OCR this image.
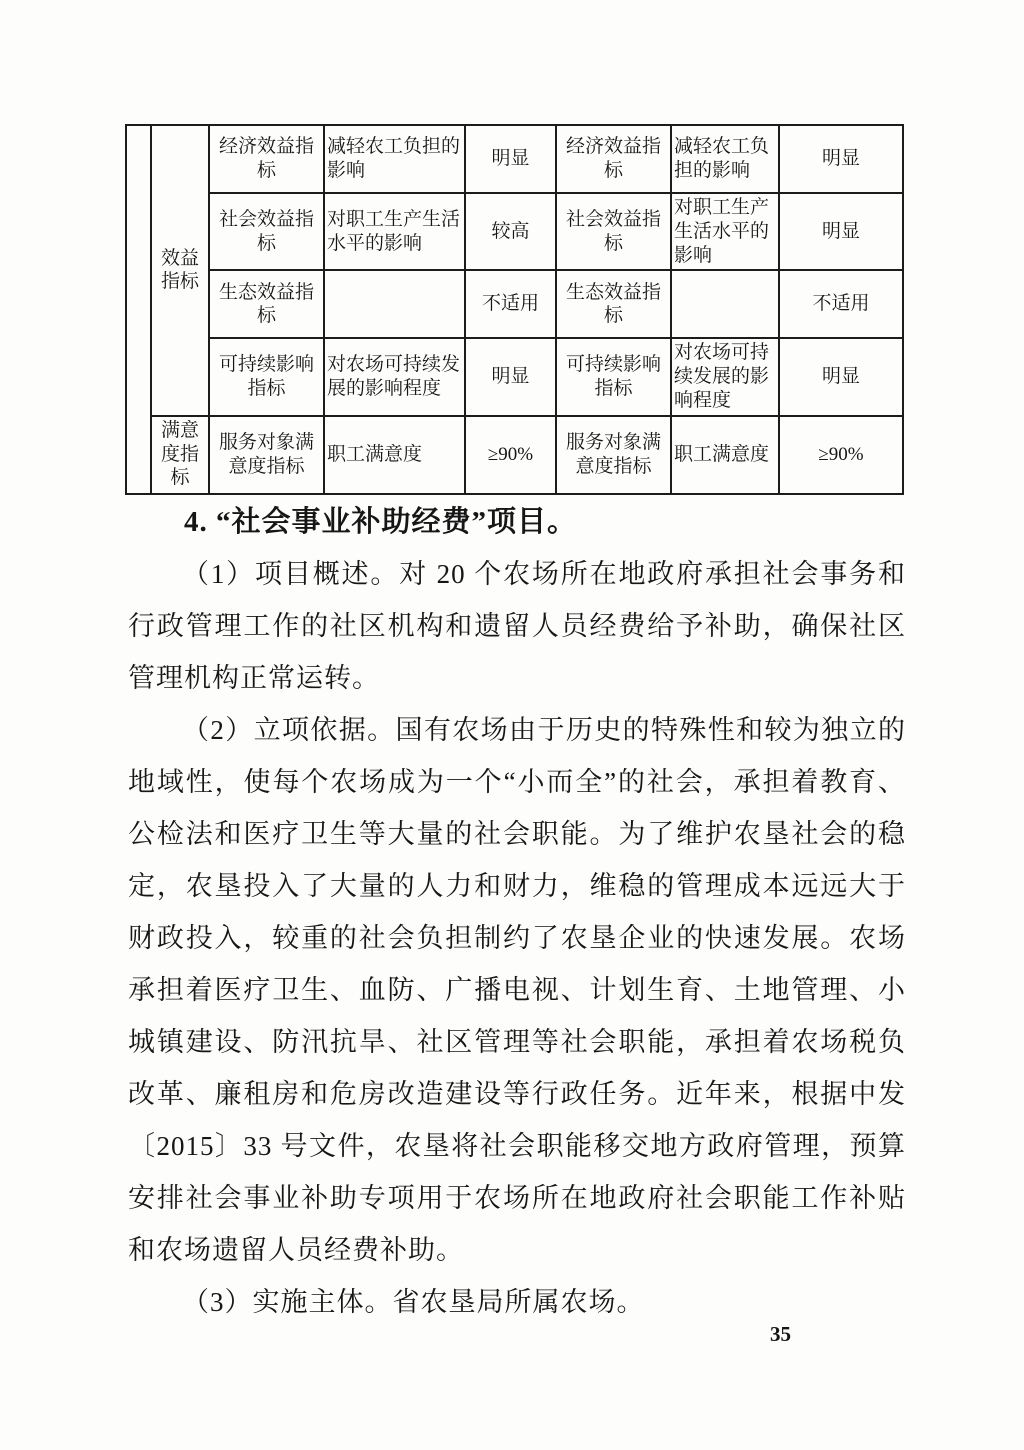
	效益指标	经济效益指标	减轻农工负担的影响	明显	经济效益指标	减轻农工负担的影响	明显
		社会效益指标	对职工生产生活水平的影响	较高	社会效益指标	对职工生产生活水平的影响	明显
		生态效益指标		不适用	生态效益指标		不适用
		可持续影响指标	对农场可持续发展的影响程度	明显	可持续影响指标	对农场可持续发展的影响程度	明显
	满意度指标	服务对象满意度指标	职工满意度	≥90%	服务对象满意度指标	职工满意度	≥90%
4. “社会事业补助经费”项目。

（1）项目概述。对 20 个农场所在地政府承担社会事务和行政管理工作的社区机构和遗留人员经费给予补助，确保社区管理机构正常运转。

（2）立项依据。国有农场由于历史的特殊性和较为独立的地域性，使每个农场成为一个“小而全”的社会，承担着教育、公检法和医疗卫生等大量的社会职能。为了维护农垦社会的稳定，农垦投入了大量的人力和财力，维稳的管理成本远远大于财政投入，较重的社会负担制约了农垦企业的快速发展。农场承担着医疗卫生、血防、广播电视、计划生育、土地管理、小城镇建设、防汛抗旱、社区管理等社会职能，承担着农场税负改革、廉租房和危房改造建设等行政任务。近年来，根据中发〔2015〕33 号文件，农垦将社会职能移交地方政府管理，预算安排社会事业补助专项用于农场所在地政府社会职能工作补贴和农场遗留人员经费补助。

（3）实施主体。省农垦局所属农场。

35
